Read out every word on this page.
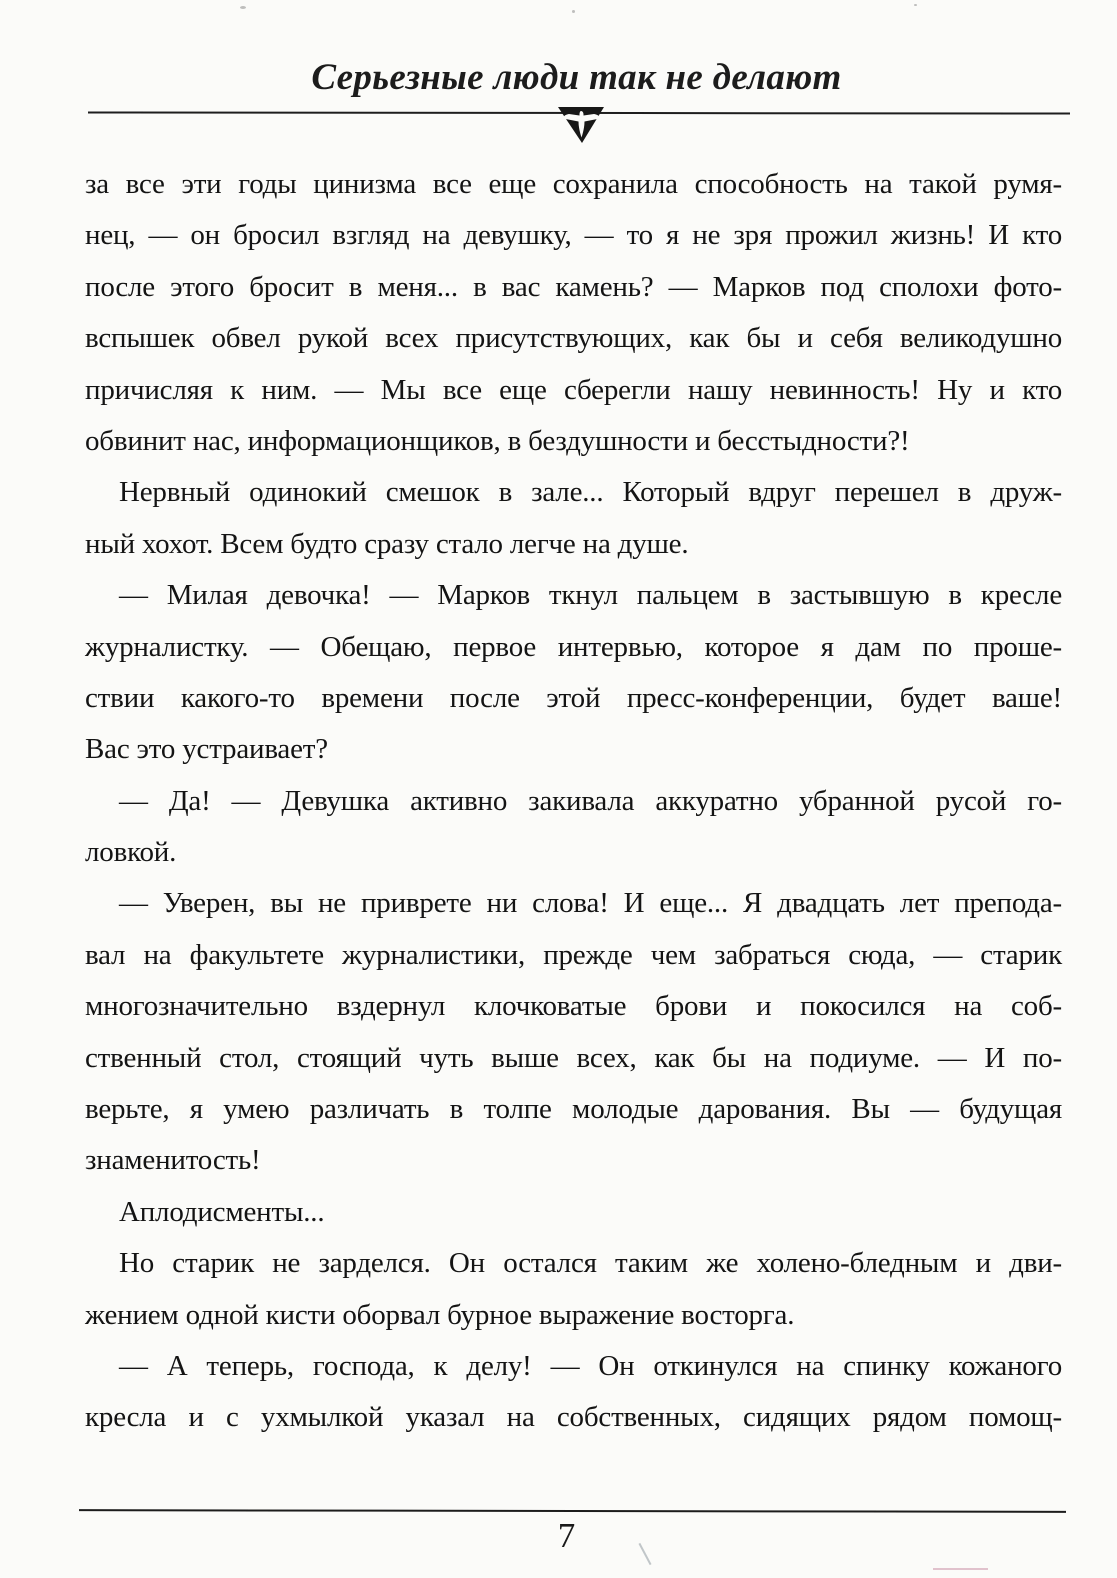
Серьезные люди так не делают
за все эти годы цинизма все еще сохранила способность на такой румя-
нец, — он бросил взгляд на девушку, — то я не зря прожил жизнь! И кто
после этого бросит в меня... в вас камень? — Марков под сполохи фото-
вспышек обвел рукой всех присутствующих, как бы и себя великодушно
причисляя к ним. — Мы все еще сберегли нашу невинность! Ну и кто
обвинит нас, информационщиков, в бездушности и бесстыдности?!
Нервный одинокий смешок в зале... Который вдруг перешел в друж-
ный хохот. Всем будто сразу стало легче на душе.
— Милая девочка! — Марков ткнул пальцем в застывшую в кресле
журналистку. — Обещаю, первое интервью, которое я дам по проше-
ствии какого-то времени после этой пресс-конференции, будет ваше!
Вас это устраивает?
— Да! — Девушка активно закивала аккуратно убранной русой го-
ловкой.
— Уверен, вы не приврете ни слова! И еще... Я двадцать лет препода-
вал на факультете журналистики, прежде чем забраться сюда, — старик
многозначительно вздернул клочковатые брови и покосился на соб-
ственный стол, стоящий чуть выше всех, как бы на подиуме. — И по-
верьте, я умею различать в толпе молодые дарования. Вы — будущая
знаменитость!
Аплодисменты...
Но старик не зарделся. Он остался таким же холено-бледным и дви-
жением одной кисти оборвал бурное выражение восторга.
— А теперь, господа, к делу! — Он откинулся на спинку кожаного
кресла и с ухмылкой указал на собственных, сидящих рядом помощ-
7
